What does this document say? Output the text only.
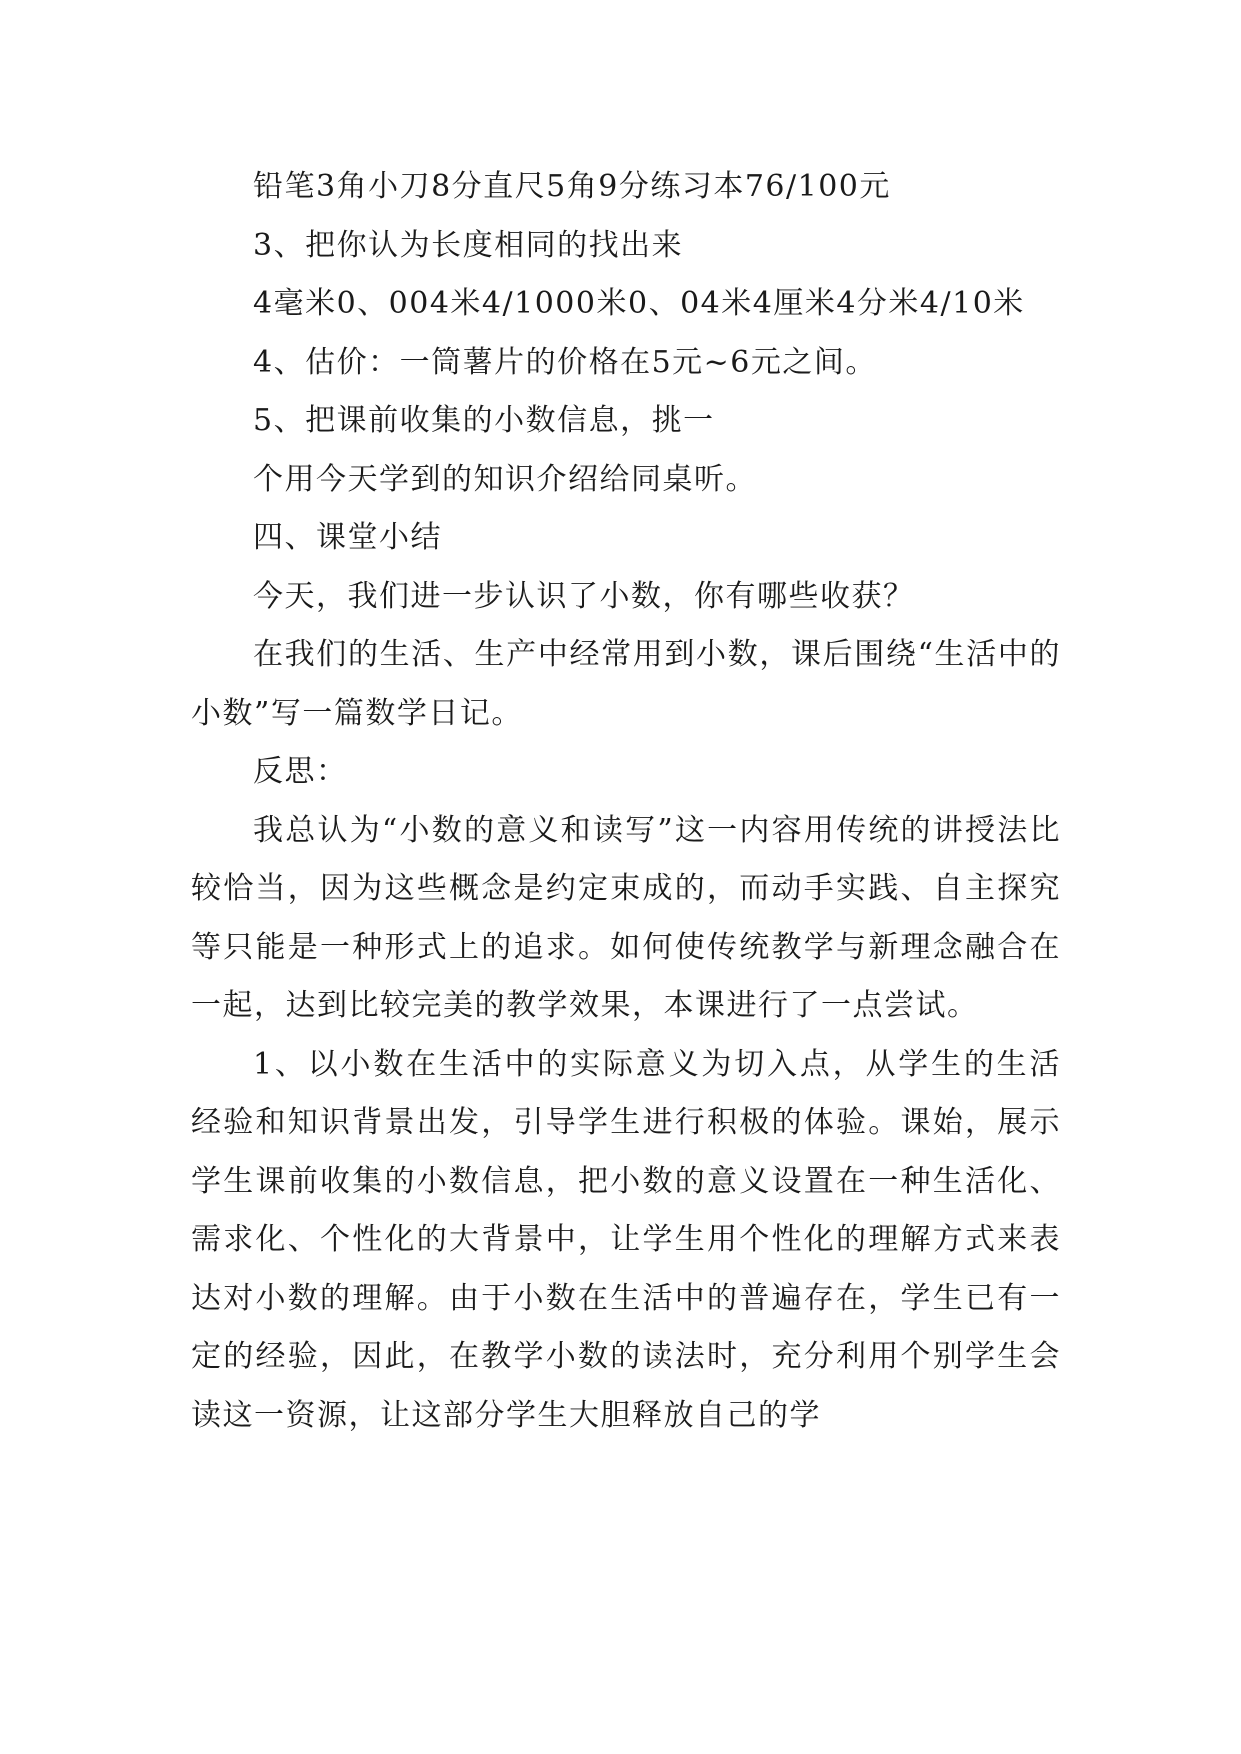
铅笔3角小刀8分直尺5角9分练习本76/100元

3、把你认为长度相同的找出来

4毫米0、004米4/1000米0、04米4厘米4分米4/10米

4、估价：一筒薯片的价格在5元~6元之间。

5、把课前收集的小数信息，挑一

个用今天学到的知识介绍给同桌听。

四、课堂小结

今天，我们进一步认识了小数，你有哪些收获？

在我们的生活、生产中经常用到小数，课后围绕“生活中的小数”写一篇数学日记。

反思：

我总认为“小数的意义和读写”这一内容用传统的讲授法比较恰当，因为这些概念是约定束成的，而动手实践、自主探究等只能是一种形式上的追求。如何使传统教学与新理念融合在一起，达到比较完美的教学效果，本课进行了一点尝试。

1、以小数在生活中的实际意义为切入点，从学生的生活经验和知识背景出发，引导学生进行积极的体验。课始，展示学生课前收集的小数信息，把小数的意义设置在一种生活化、需求化、个性化的大背景中，让学生用个性化的理解方式来表达对小数的理解。由于小数在生活中的普遍存在，学生已有一定的经验，因此，在教学小数的读法时，充分利用个别学生会读这一资源，让这部分学生大胆释放自己的学
